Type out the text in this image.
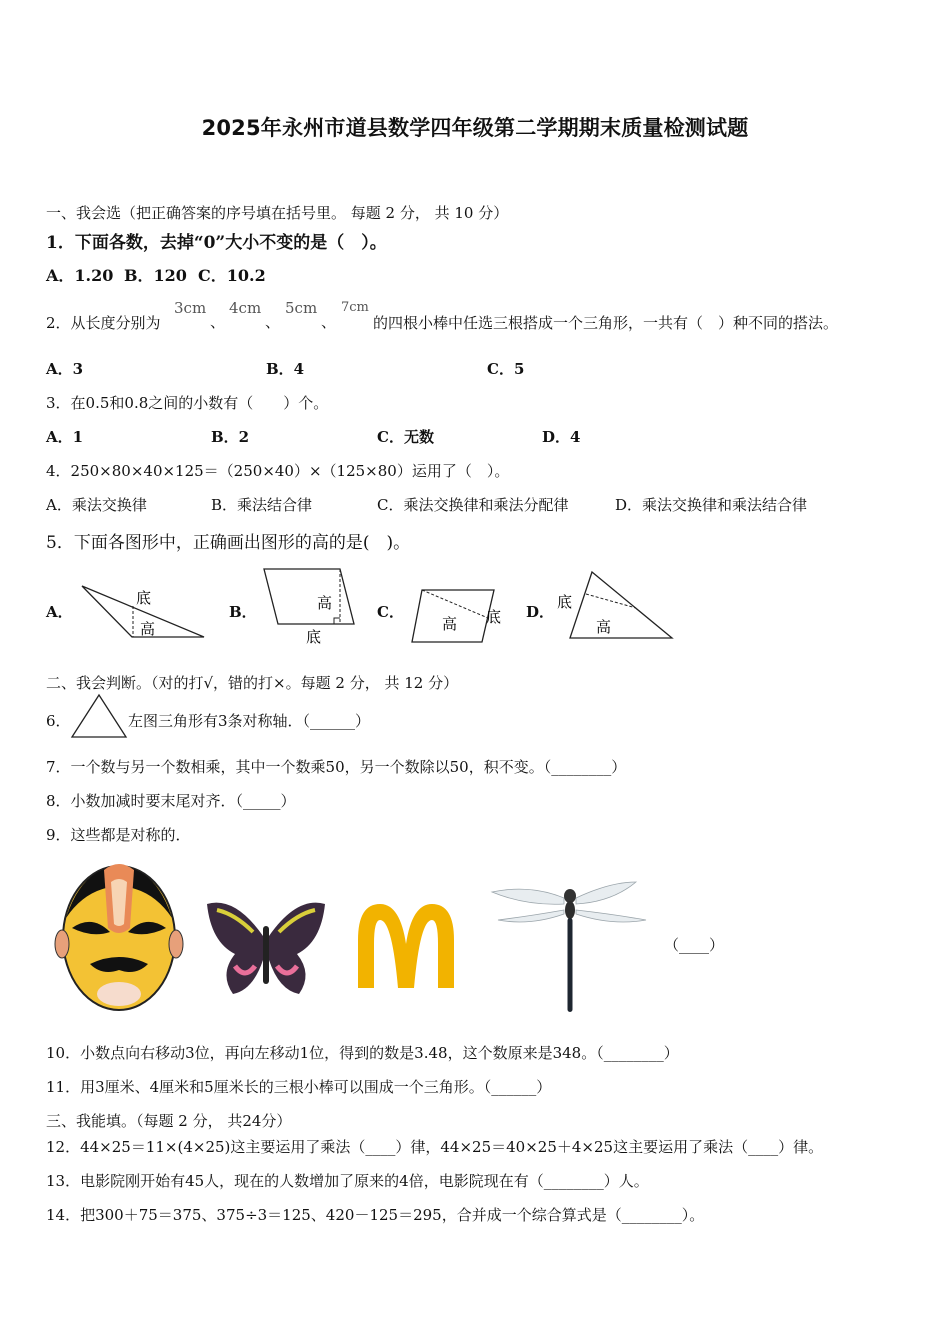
2025年永州市道县数学四年级第二学期期末质量检测试题
一、我会选（把正确答案的序号填在括号里。 每题 2 分， 共 10 分）
1．下面各数，去掉“0”大小不变的是（　）。
A．1.20 B．120 C．10.2
2．从长度分别为
3cm
、
4cm
、
5cm
、
7cm
的四根小棒中任选三根搭成一个三角形，一共有（　）种不同的搭法。
A．3	B．4	C．5
3．在0.5和0.8之间的小数有（　　）个。
A．1	B．2	C．无数	D．4
4．250×80×40×125＝（250×40）×（125×80）运用了（　）。
A．乘法交换律	B．乘法结合律	C．乘法交换律和乘法分配律	D．乘法交换律和乘法结合律
5．下面各图形中，正确画出图形的高的是(　)。
A．
底
高
B．	高
底
C．
高 底 D．
底
高
二、我会判断。（对的打√，错的打×。每题 2 分， 共 12 分）
6．	左图三角形有3条对称轴．（______）
7．一个数与另一个数相乘，其中一个数乘50，另一个数除以50，积不变。（________）
8．小数加减时要末尾对齐．（_____）
9．这些都是对称的．
（____）
10．小数点向右移动3位，再向左移动1位，得到的数是3.48，这个数原来是348。（________）
11．用3厘米、4厘米和5厘米长的三根小棒可以围成一个三角形。（______）
三、我能填。（每题 2 分， 共24分）
12．44×25＝11×(4×25)这主要运用了乘法（____）律，44×25＝40×25＋4×25这主要运用了乘法（____）律。
13．电影院刚开始有45人，现在的人数增加了原来的4倍，电影院现在有（________）人。
14．把300＋75＝375、375÷3＝125、420－125＝295，合并成一个综合算式是（________）。
